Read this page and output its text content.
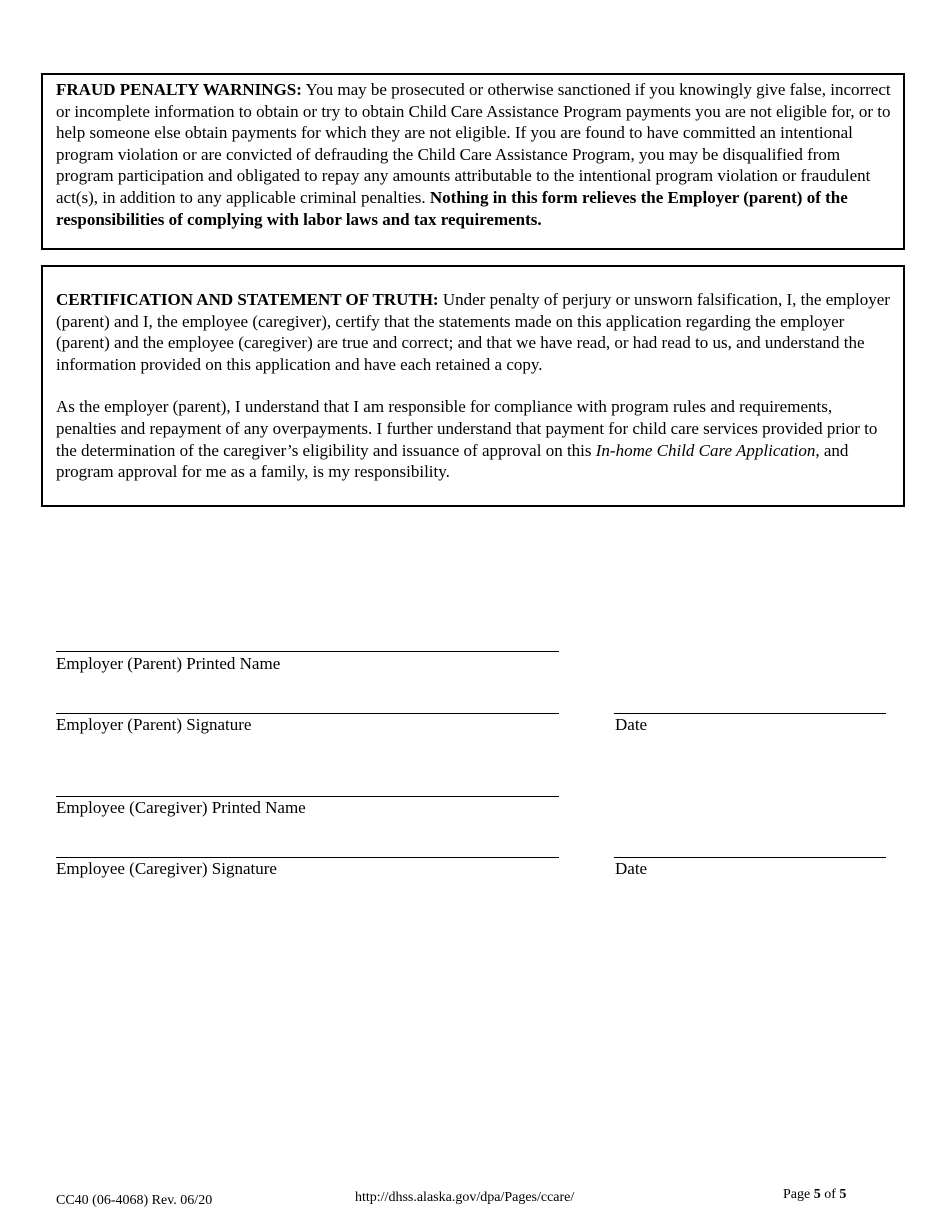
FRAUD PENALTY WARNINGS: You may be prosecuted or otherwise sanctioned if you knowingly give false, incorrect or incomplete information to obtain or try to obtain Child Care Assistance Program payments you are not eligible for, or to help someone else obtain payments for which they are not eligible. If you are found to have committed an intentional program violation or are convicted of defrauding the Child Care Assistance Program, you may be disqualified from program participation and obligated to repay any amounts attributable to the intentional program violation or fraudulent act(s), in addition to any applicable criminal penalties. Nothing in this form relieves the Employer (parent) of the responsibilities of complying with labor laws and tax requirements.

CERTIFICATION AND STATEMENT OF TRUTH: Under penalty of perjury or unsworn falsification, I, the employer (parent) and I, the employee (caregiver), certify that the statements made on this application regarding the employer (parent) and the employee (caregiver) are true and correct; and that we have read, or had read to us, and understand the information provided on this application and have each retained a copy.

As the employer (parent), I understand that I am responsible for compliance with program rules and requirements, penalties and repayment of any overpayments. I further understand that payment for child care services provided prior to the determination of the caregiver’s eligibility and issuance of approval on this In-home Child Care Application, and program approval for me as a family, is my responsibility.

Employer (Parent) Printed Name
Employer (Parent) Signature	Date
Employee (Caregiver) Printed Name
Employee (Caregiver) Signature	Date
CC40 (06-4068) Rev. 06/20	http://dhss.alaska.gov/dpa/Pages/ccare/	Page 5 of 5
